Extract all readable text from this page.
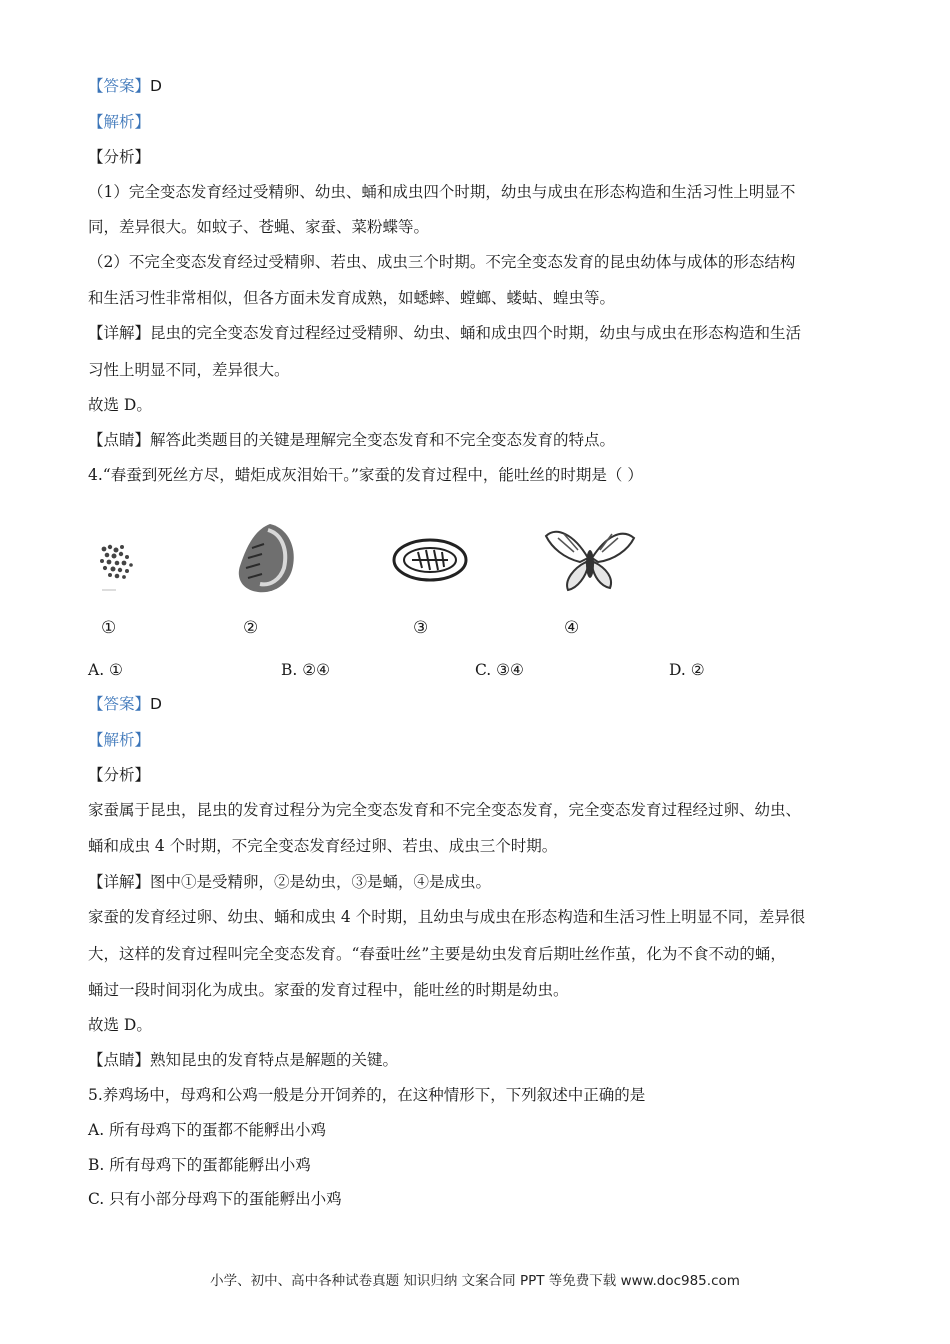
【答案】D
【解析】
【分析】
（1）完全变态发育经过受精卵、幼虫、蛹和成虫四个时期，幼虫与成虫在形态构造和生活习性上明显不
同，差异很大。如蚊子、苍蝇、家蚕、菜粉蝶等。
（2）不完全变态发育经过受精卵、若虫、成虫三个时期。不完全变态发育的昆虫幼体与成体的形态结构
和生活习性非常相似，但各方面未发育成熟，如蟋蟀、螳螂、蝼蛄、蝗虫等。
【详解】昆虫的完全变态发育过程经过受精卵、幼虫、蛹和成虫四个时期，幼虫与成虫在形态构造和生活
习性上明显不同，差异很大。
故选 D。
【点睛】解答此类题目的关键是理解完全变态发育和不完全变态发育的特点。
4.“春蚕到死丝方尽，蜡炬成灰泪始干。”家蚕的发育过程中，能吐丝的时期是（ ）
①	②	③	④
A. ①	B. ②④	C. ③④	D. ②
【答案】D
【解析】
【分析】
家蚕属于昆虫，昆虫的发育过程分为完全变态发育和不完全变态发育，完全变态发育过程经过卵、幼虫、
蛹和成虫 4 个时期，不完全变态发育经过卵、若虫、成虫三个时期。
【详解】图中①是受精卵，②是幼虫，③是蛹，④是成虫。
家蚕的发育经过卵、幼虫、蛹和成虫 4 个时期，且幼虫与成虫在形态构造和生活习性上明显不同，差异很
大，这样的发育过程叫完全变态发育。“春蚕吐丝”主要是幼虫发育后期吐丝作茧，化为不食不动的蛹，
蛹过一段时间羽化为成虫。家蚕的发育过程中，能吐丝的时期是幼虫。
故选 D。
【点睛】熟知昆虫的发育特点是解题的关键。
5.养鸡场中，母鸡和公鸡一般是分开饲养的，在这种情形下，下列叙述中正确的是
A. 所有母鸡下的蛋都不能孵出小鸡
B. 所有母鸡下的蛋都能孵出小鸡
C. 只有小部分母鸡下的蛋能孵出小鸡
小学、初中、高中各种试卷真题 知识归纳 文案合同 PPT 等免费下载 www.doc985.com
